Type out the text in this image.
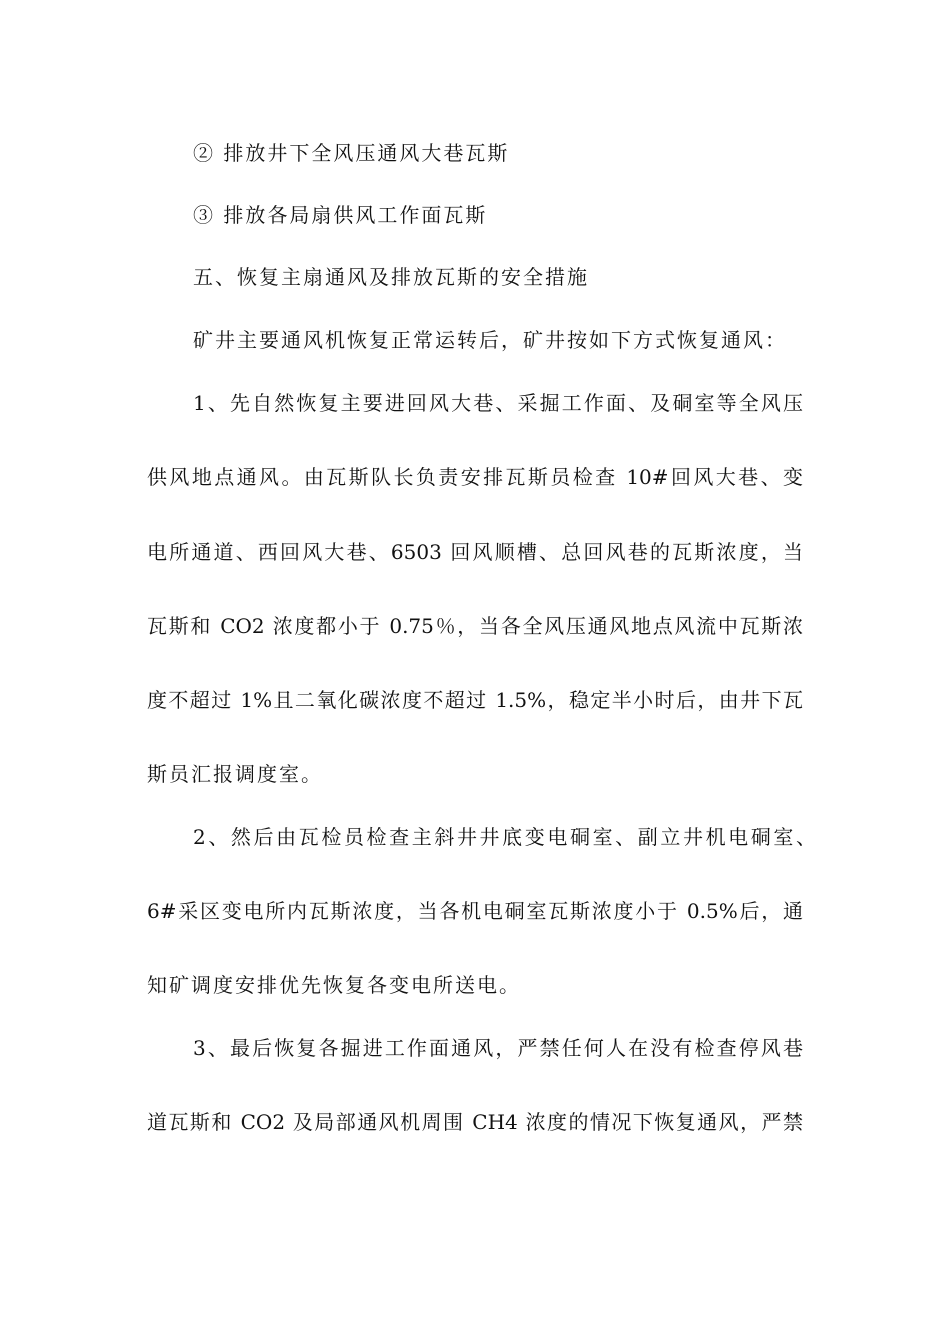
② 排放井下全风压通风大巷瓦斯
③ 排放各局扇供风工作面瓦斯
五、恢复主扇通风及排放瓦斯的安全措施
矿井主要通风机恢复正常运转后，矿井按如下方式恢复通风：
1、先自然恢复主要进回风大巷、采掘工作面、及硐室等全风压
供风地点通风。由瓦斯队长负责安排瓦斯员检查 10#回风大巷、变
电所通道、西回风大巷、6503 回风顺槽、总回风巷的瓦斯浓度，当
瓦斯和 CO2 浓度都小于 0.75％，当各全风压通风地点风流中瓦斯浓
度不超过 1%且二氧化碳浓度不超过 1.5%，稳定半小时后，由井下瓦
斯员汇报调度室。
2、然后由瓦检员检查主斜井井底变电硐室、副立井机电硐室、
6#采区变电所内瓦斯浓度，当各机电硐室瓦斯浓度小于 0.5%后，通
知矿调度安排优先恢复各变电所送电。
3、最后恢复各掘进工作面通风，严禁任何人在没有检查停风巷
道瓦斯和 CO2 及局部通风机周围 CH4 浓度的情况下恢复通风，严禁
